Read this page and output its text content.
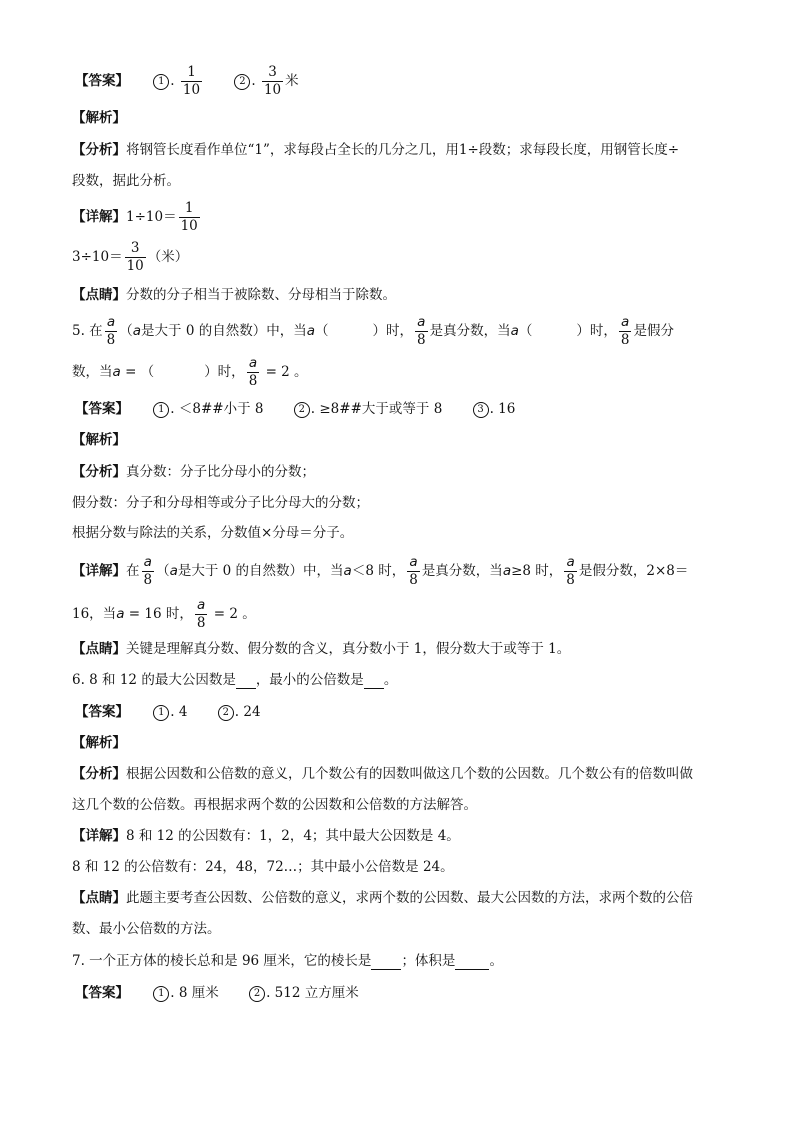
【答案】	1 . $\frac{1}{10}$	2 . $\frac{3}{10}$ 米
【解析】
【分析】将钢管长度看作单位“1”，求每段占全长的几分之几，用1÷段数；求每段长度，用钢管长度÷
段数，据此分析。
【详解】$1\div 10= \frac{1}{10}$
$3\div 10= \frac{3}{10}$ （米）
【点睛】分数的分子相当于被除数、分母相当于除数。
5. 在 $\frac{a}{8} (a$是大于 0 的自然数）中，当a（	）时， $\frac{a}{8}$ 是真分数，当a（	）时， $\frac{a}{8}$ 是假分
数，当a = （	）时， $\frac{a}{8} = 2$ 。
【答案】	1 . ＜8##小于 8	2 . ≥8##大于或等于 8	3 . 16
【解析】
【分析】真分数：分子比分母小的分数；
假分数：分子和分母相等或分子比分母大的分数；
根据分数与除法的关系，分数值×分母＝分子。
【详解】在 $\frac{a}{8} (a$是大于 0 的自然数）中，当a＜8 时， $\frac{a}{8}$ 是真分数，当a≥8 时， $\frac{a}{8}$ 是假分数，2×8＝
16，当a = 16 时， $\frac{a}{8} = 2$ 。
【点睛】关键是理解真分数、假分数的含义，真分数小于 1，假分数大于或等于 1。
6. 8 和 12 的最大公因数是 ，最小的公倍数是 。
【答案】	1 . 4	2 . 24
【解析】
【分析】根据公因数和公倍数的意义，几个数公有的因数叫做这几个数的公因数。几个数公有的倍数叫做
这几个数的公倍数。再根据求两个数的公因数和公倍数的方法解答。
【详解】8 和 12 的公因数有：1，2，4；其中最大公因数是 4。
8 和 12 的公倍数有：24，48，72…；其中最小公倍数是 24。
【点睛】此题主要考查公因数、公倍数的意义，求两个数的公因数、最大公因数的方法，求两个数的公倍
数、最小公倍数的方法。
7. 一个正方体的棱长总和是 96 厘米，它的棱长是 ；体积是	。
【答案】	1 . 8 厘米	2 . 512 立方厘米
